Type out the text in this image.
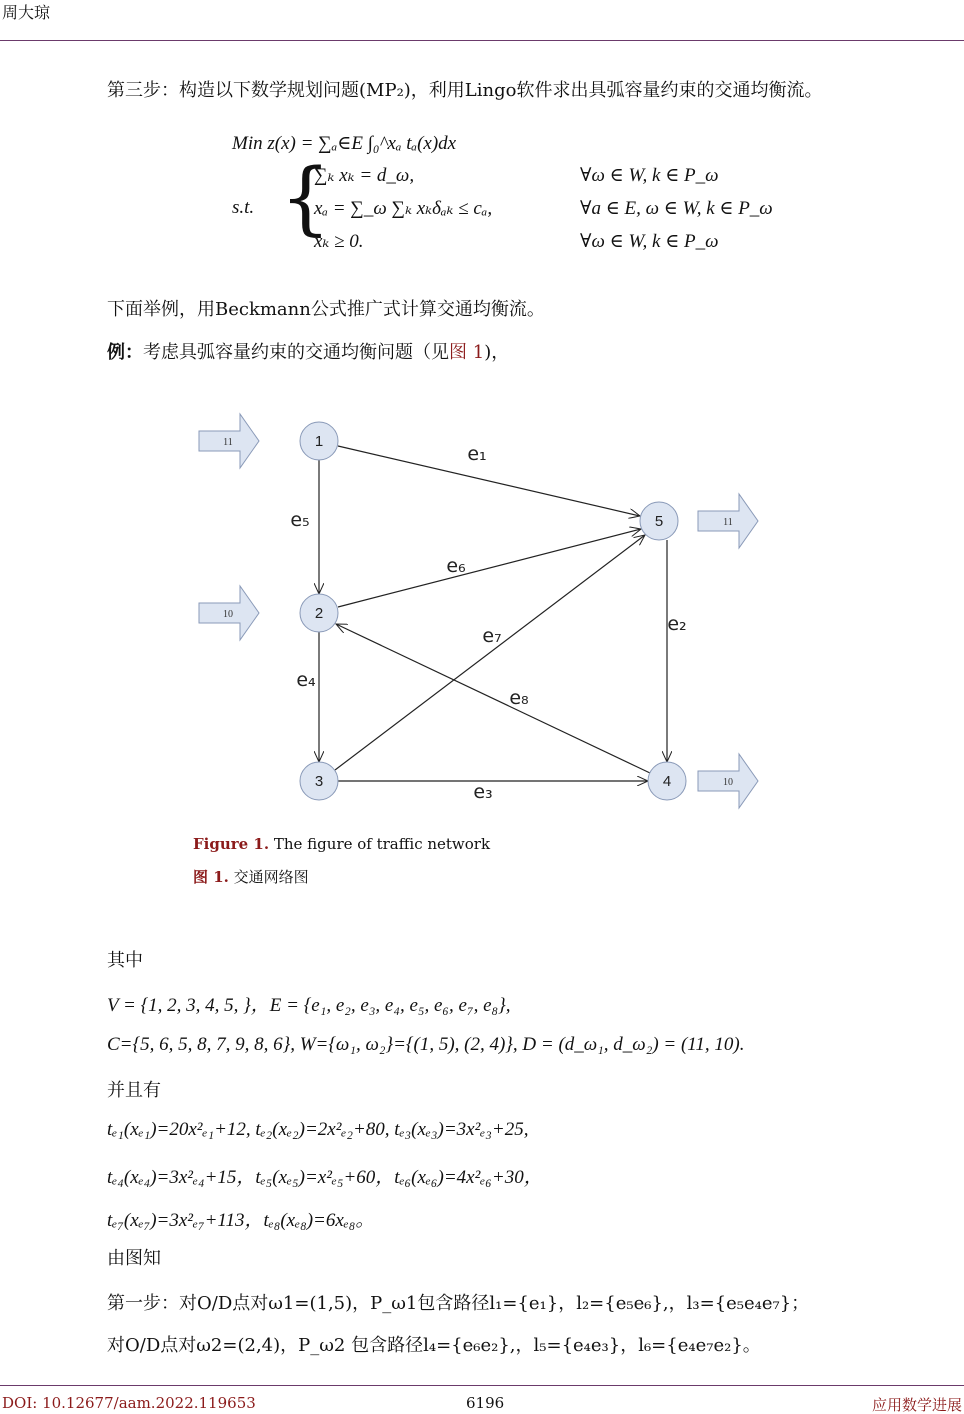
周大琼
第三步：构造以下数学规划问题(MP₂)，利用Lingo软件求出具弧容量约束的交通均衡流。
Min z(x) = ∑ₐ∈E ∫₀^xₐ tₐ(x)dx
s.t. {
∑ₖ xₖ = d_ω,	∀ω ∈ W, k ∈ P_ω
xₐ = ∑_ω ∑ₖ xₖδₐₖ ≤ cₐ,	∀a ∈ E, ω ∈ W, k ∈ P_ω
xₖ ≥ 0.	∀ω ∈ W, k ∈ P_ω
下面举例，用Beckmann公式推广式计算交通均衡流。
例：考虑具弧容量约束的交通均衡问题（见图 1)，
1
2
3	4
5
11
10
11
10
e₁
e₂
e₃
e₄
e₅
e₆
e₇
e₈
Figure 1. The figure of traffic network
图 1. 交通网络图
其中
V = {1, 2, 3, 4, 5, }，E = {e₁, e₂, e₃, e₄, e₅, e₆, e₇, e₈},
C={5, 6, 5, 8, 7, 9, 8, 6}, W={ω₁, ω₂}={(1, 5), (2, 4)}, D = (d_ω₁, d_ω₂) = (11, 10).
并且有
tₑ₁(xₑ₁)=20x²ₑ₁+12, tₑ₂(xₑ₂)=2x²ₑ₂+80, tₑ₃(xₑ₃)=3x²ₑ₃+25,
tₑ₄(xₑ₄)=3x²ₑ₄+15，tₑ₅(xₑ₅)=x²ₑ₅+60，tₑ₆(xₑ₆)=4x²ₑ₆+30，
tₑ₇(xₑ₇)=3x²ₑ₇+113，tₑ₈(xₑ₈)=6xₑ₈。
由图知
第一步：对O/D点对ω1=(1,5)，P_ω1包含路径l₁={e₁}，l₂={e₅e₆},，l₃={e₅e₄e₇}；
对O/D点对ω2=(2,4)，P_ω2 包含路径l₄={e₆e₂},，l₅={e₄e₃}，l₆={e₄e₇e₂}。
DOI: 10.12677/aam.2022.119653	6196	应用数学进展
